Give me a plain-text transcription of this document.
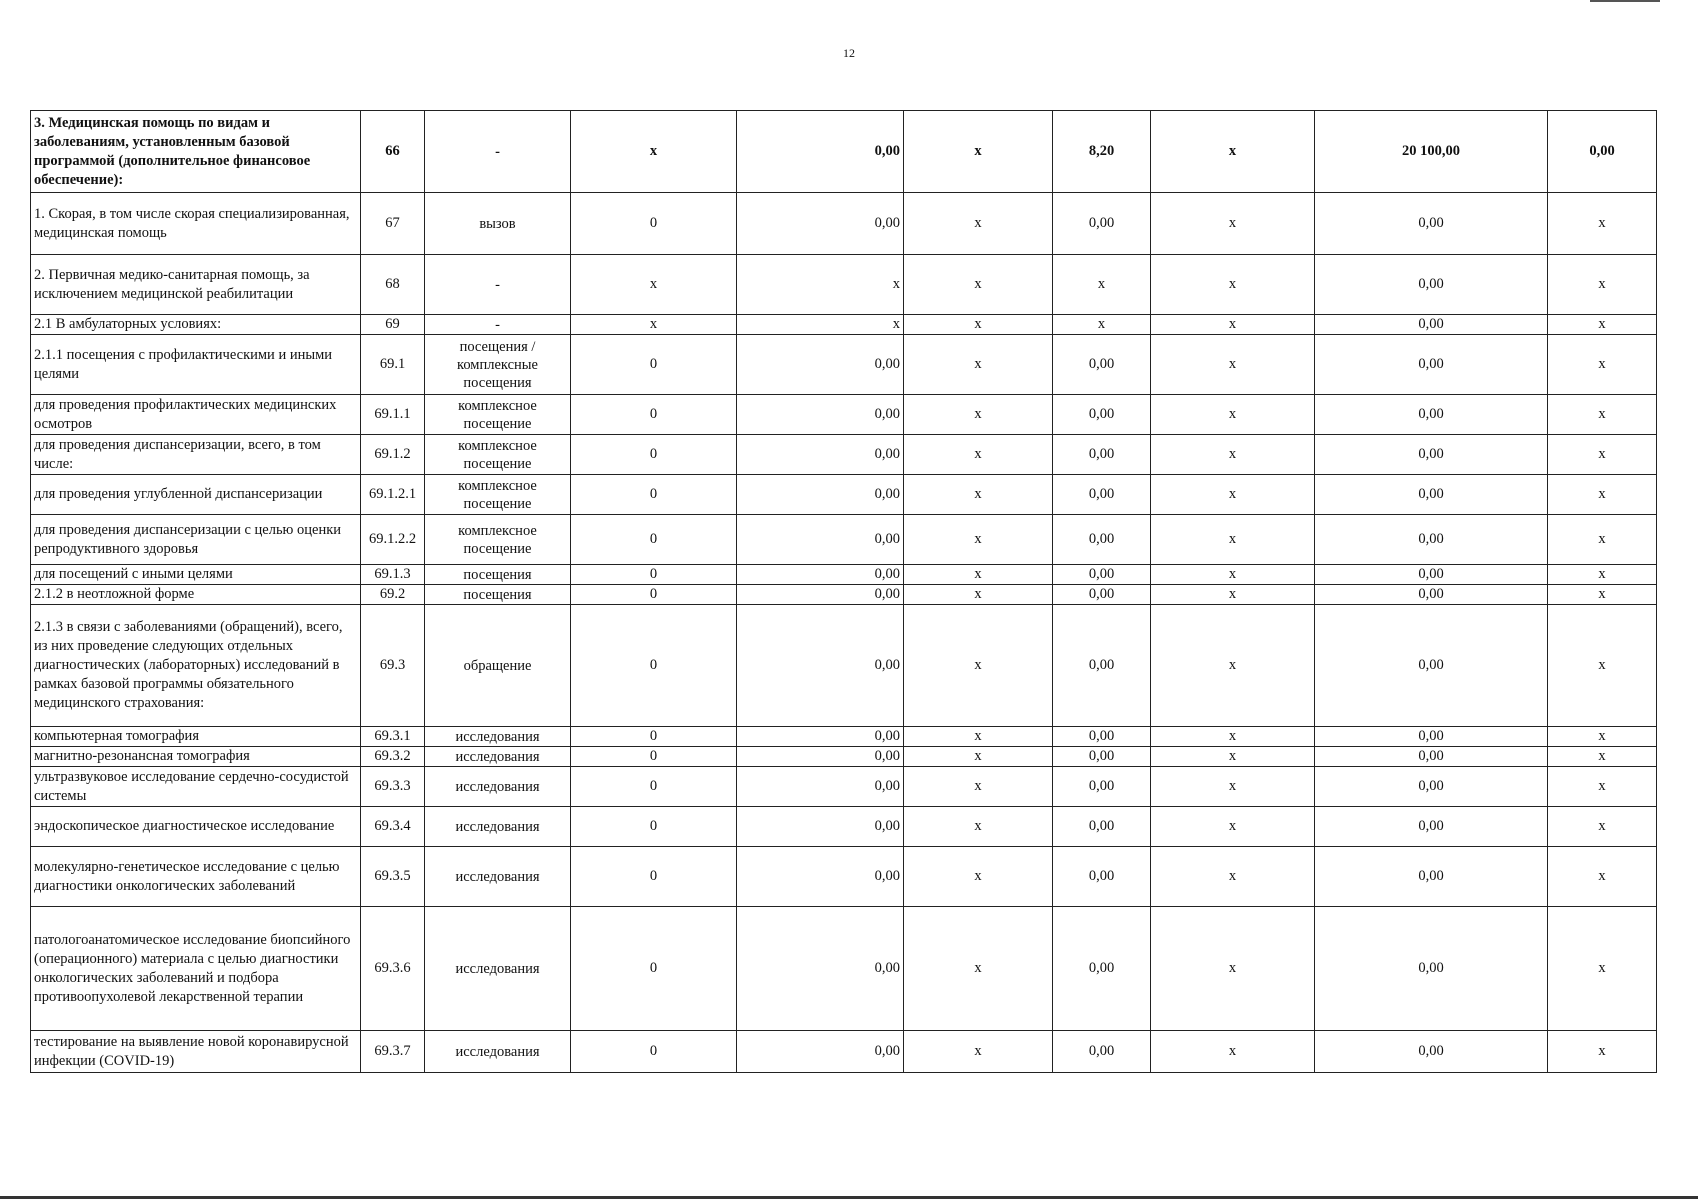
12
3. Медицинская помощь по видам и заболеваниям, установленным базовой программой (дополнительное финансовое обеспечение):	66	-	x	0,00	x	8,20	x	20 100,00	0,00
1. Скорая, в том числе скорая специализированная, медицинская помощь	67	вызов	0	0,00	x	0,00	x	0,00	x
2. Первичная медико-санитарная помощь, за исключением медицинской реабилитации	68	-	x	x	x	x	x	0,00	x
2.1 В амбулаторных условиях:	69	-	x	x	x	x	x	0,00	x
2.1.1 посещения с профилактическими и иными целями	69.1	посещения / комплексные посещения	0	0,00	x	0,00	x	0,00	x
для проведения профилактических медицинских осмотров	69.1.1	комплексное посещение	0	0,00	x	0,00	x	0,00	x
для проведения диспансеризации, всего, в том числе:	69.1.2	комплексное посещение	0	0,00	x	0,00	x	0,00	x
для проведения углубленной диспансеризации	69.1.2.1	комплексное посещение	0	0,00	x	0,00	x	0,00	x
для проведения диспансеризации с целью оценки репродуктивного здоровья	69.1.2.2	комплексное посещение	0	0,00	x	0,00	x	0,00	x
для посещений с иными целями	69.1.3	посещения	0	0,00	x	0,00	x	0,00	x
2.1.2 в неотложной форме	69.2	посещения	0	0,00	x	0,00	x	0,00	x
2.1.3 в связи с заболеваниями (обращений), всего, из них проведение следующих отдельных диагностических (лабораторных) исследований в рамках базовой программы обязательного медицинского страхования:	69.3	обращение	0	0,00	x	0,00	x	0,00	x
компьютерная томография	69.3.1	исследования	0	0,00	x	0,00	x	0,00	x
магнитно-резонансная томография	69.3.2	исследования	0	0,00	x	0,00	x	0,00	x
ультразвуковое исследование сердечно-сосудистой системы	69.3.3	исследования	0	0,00	x	0,00	x	0,00	x
эндоскопическое диагностическое исследование	69.3.4	исследования	0	0,00	x	0,00	x	0,00	x
молекулярно-генетическое исследование с целью диагностики онкологических заболеваний	69.3.5	исследования	0	0,00	x	0,00	x	0,00	x
патологоанатомическое исследование биопсийного (операционного) материала с целью диагностики онкологических заболеваний и подбора противоопухолевой лекарственной терапии	69.3.6	исследования	0	0,00	x	0,00	x	0,00	x
тестирование на выявление новой коронавирусной инфекции (COVID-19)	69.3.7	исследования	0	0,00	x	0,00	x	0,00	x
